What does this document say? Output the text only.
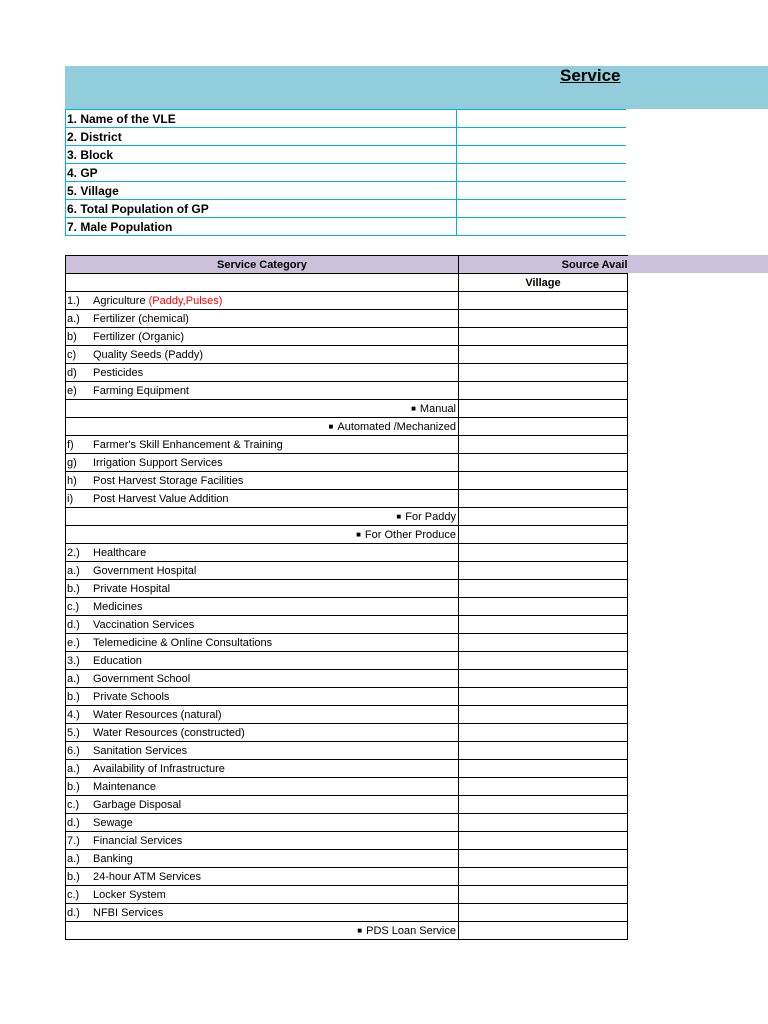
Service
1. Name of the VLE	
2. District	
3. Block	
4. GP	
5. Village	
6. Total Population of GP	
7. Male Population	
Service Category	Source Avail
	Village
1.) Agriculture (Paddy,Pulses)	
a.) Fertilizer (chemical)	
b) Fertilizer (Organic)	
c) Quality Seeds (Paddy)	
d) Pesticides	
e) Farming Equipment	
■ Manual	
■ Automated /Mechanized	
f) Farmer's Skill Enhancement & Training	
g) Irrigation Support Services	
h) Post Harvest Storage Facilities	
i) Post Harvest Value Addition	
■ For Paddy	
■ For Other Produce	
2.) Healthcare	
a.) Government Hospital	
b.) Private Hospital	
c.) Medicines	
d.) Vaccination Services	
e.) Telemedicine & Online Consultations	
3.) Education	
a.) Government School	
b.) Private Schools	
4.) Water Resources (natural)	
5.) Water Resources (constructed)	
6.) Sanitation Services	
a.) Availability of Infrastructure	
b.) Maintenance	
c.) Garbage Disposal	
d.) Sewage	
7.) Financial Services	
a.) Banking	
b.) 24-hour ATM Services	
c.) Locker System	
d.) NFBI Services	
■ PDS Loan Service	
